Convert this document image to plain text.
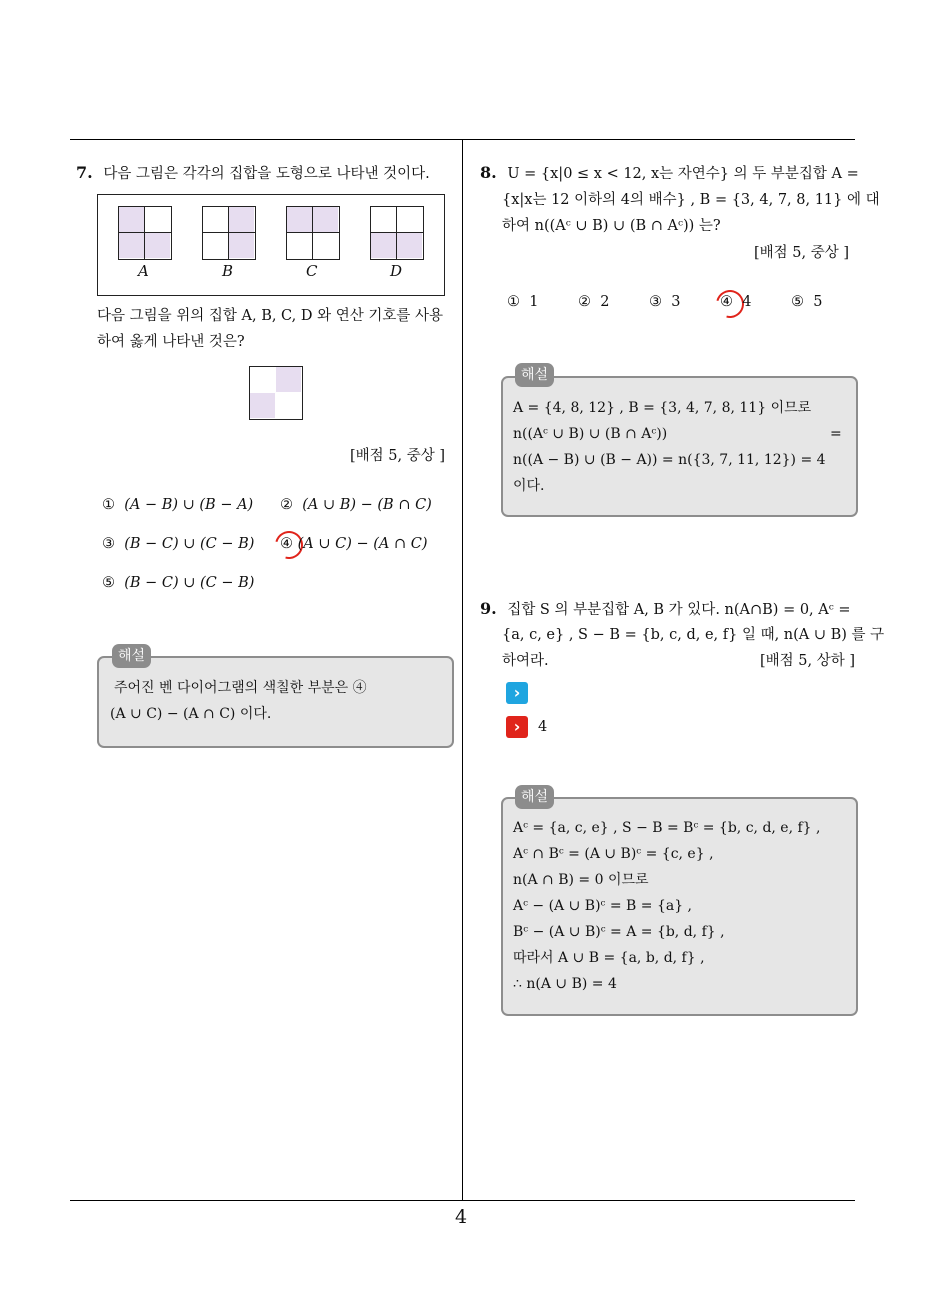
4
7. 다음 그림은 각각의 집합을 도형으로 나타낸 것이다.
A	B	C	D
다음 그림을 위의 집합 A, B, C, D 와 연산 기호를 사용
하여 옳게 나타낸 것은?
[배점 5, 중상 ]
① (A − B) ∪ (B − A) ② (A ∪ B) − (B ∩ C)
③ (B − C) ∪ (C − B) ④ (A ∪ C) − (A ∩ C)
⑤ (B − C) ∪ (C − B)
해설
주어진 벤 다이어그램의 색칠한 부분은 ④
(A ∪ C) − (A ∩ C) 이다.
8. U = {x|0 ≤ x < 12, x는 자연수} 의 두 부분집합 A =
{x|x는 12 이하의 4의 배수} , B = {3, 4, 7, 8, 11} 에 대
하여 n((Aᶜ ∪ B) ∪ (B ∩ Aᶜ)) 는?
[배점 5, 중상 ]
① 1	② 2	③ 3	④ 4	⑤ 5
해설
A = {4, 8, 12} , B = {3, 4, 7, 8, 11} 이므로
n((Aᶜ ∪ B) ∪ (B ∩ Aᶜ))	=
n((A − B) ∪ (B − A)) = n({3, 7, 11, 12}) = 4
이다.
9. 집합 S 의 부분집합 A, B 가 있다. n(A∩B) = 0, Aᶜ =
{a, c, e} , S − B = {b, c, d, e, f} 일 때, n(A ∪ B) 를 구
하여라.	[배점 5, 상하 ]
›
›	4
해설
Aᶜ = {a, c, e} , S − B = Bᶜ = {b, c, d, e, f} ,
Aᶜ ∩ Bᶜ = (A ∪ B)ᶜ = {c, e} ,
n(A ∩ B) = 0 이므로
Aᶜ − (A ∪ B)ᶜ = B = {a} ,
Bᶜ − (A ∪ B)ᶜ = A = {b, d, f} ,
따라서 A ∪ B = {a, b, d, f} ,
∴ n(A ∪ B) = 4
